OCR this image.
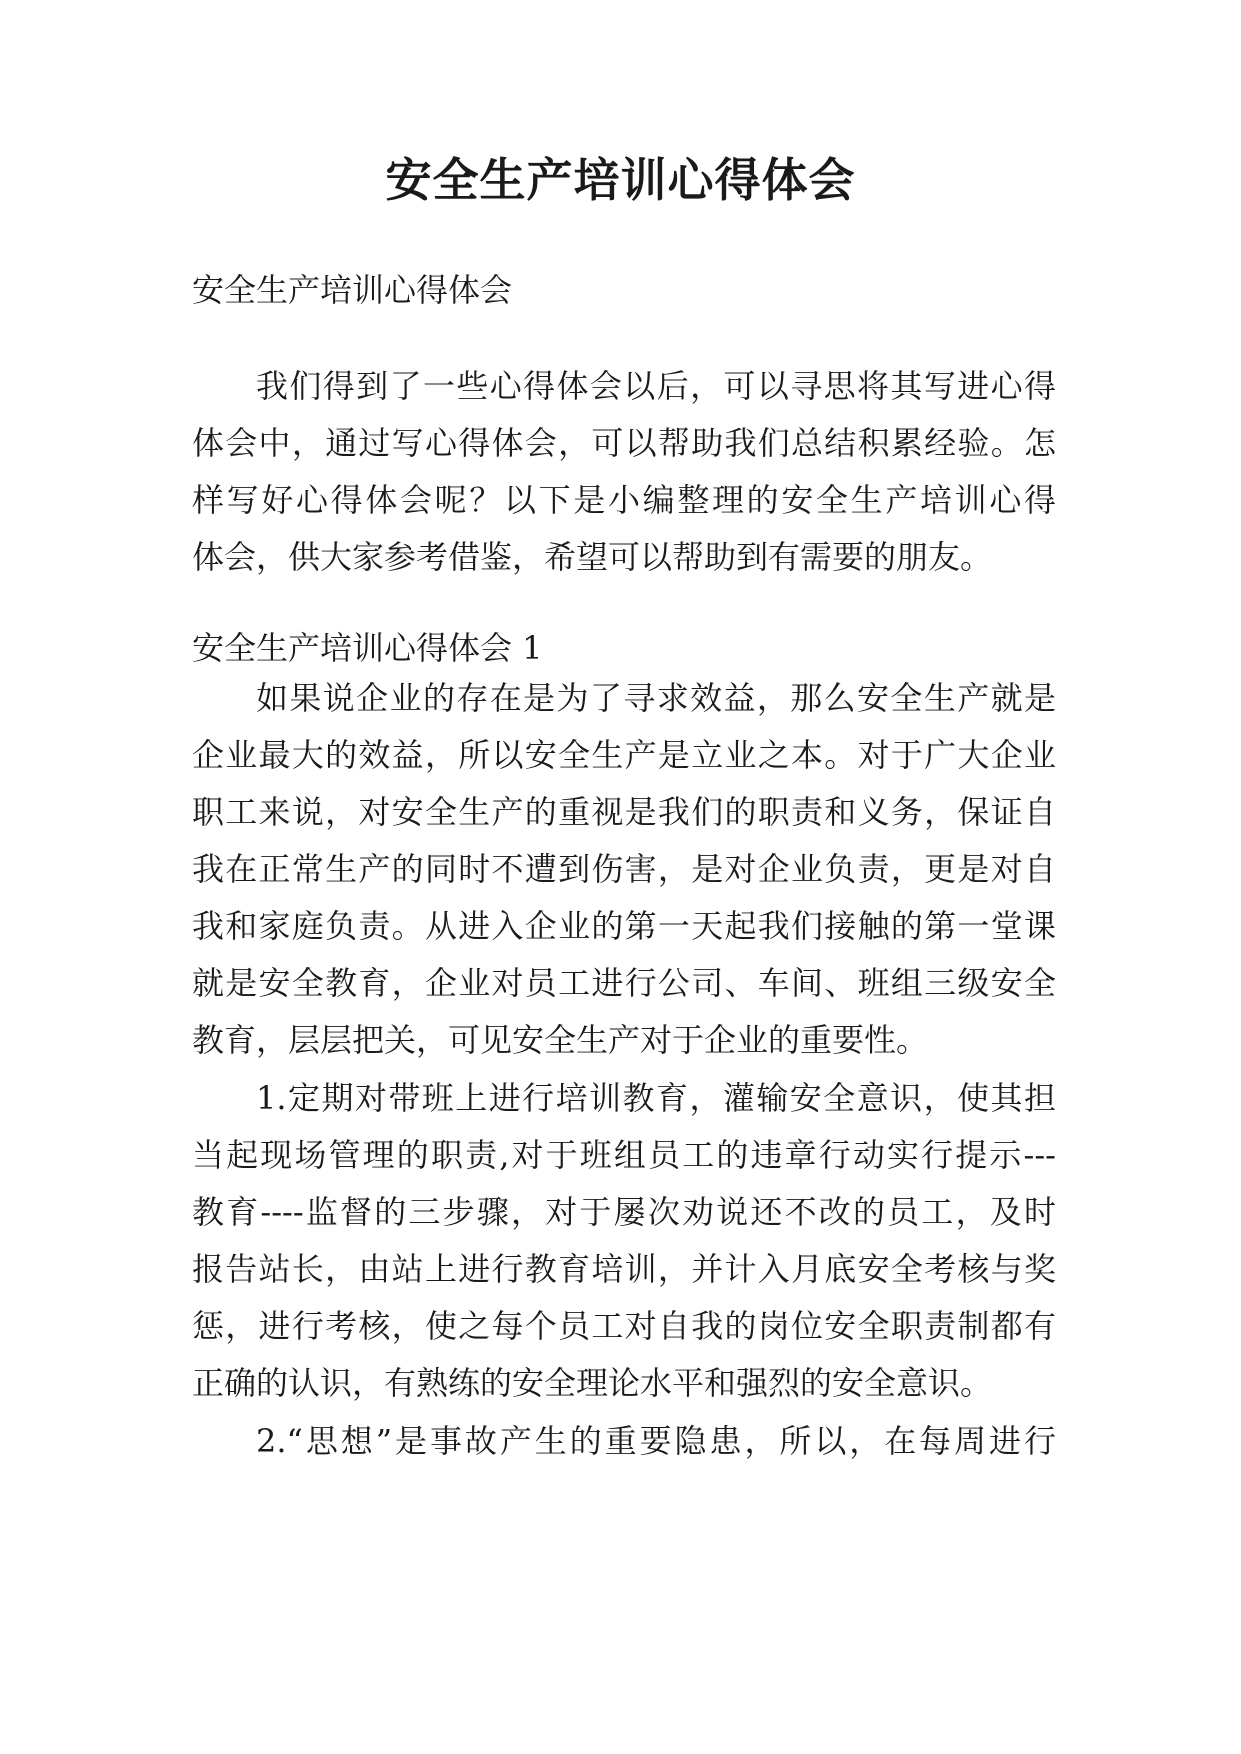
安全生产培训心得体会

安全生产培训心得体会

我们得到了一些心得体会以后，可以寻思将其写进心得
体会中，通过写心得体会，可以帮助我们总结积累经验。怎
样写好心得体会呢？以下是小编整理的安全生产培训心得
体会，供大家参考借鉴，希望可以帮助到有需要的朋友。

安全生产培训心得体会 1

如果说企业的存在是为了寻求效益，那么安全生产就是
企业最大的效益，所以安全生产是立业之本。对于广大企业
职工来说，对安全生产的重视是我们的职责和义务，保证自
我在正常生产的同时不遭到伤害，是对企业负责，更是对自
我和家庭负责。从进入企业的第一天起我们接触的第一堂课
就是安全教育，企业对员工进行公司、车间、班组三级安全
教育，层层把关，可见安全生产对于企业的重要性。
1.定期对带班上进行培训教育，灌输安全意识，使其担
当起现场管理的职责,对于班组员工的违章行动实行提示---
教育----监督的三步骤，对于屡次劝说还不改的员工，及时
报告站长，由站上进行教育培训，并计入月底安全考核与奖
惩，进行考核，使之每个员工对自我的岗位安全职责制都有
正确的认识，有熟练的安全理论水平和强烈的安全意识。
2.“思想”是事故产生的重要隐患，所以，在每周进行
